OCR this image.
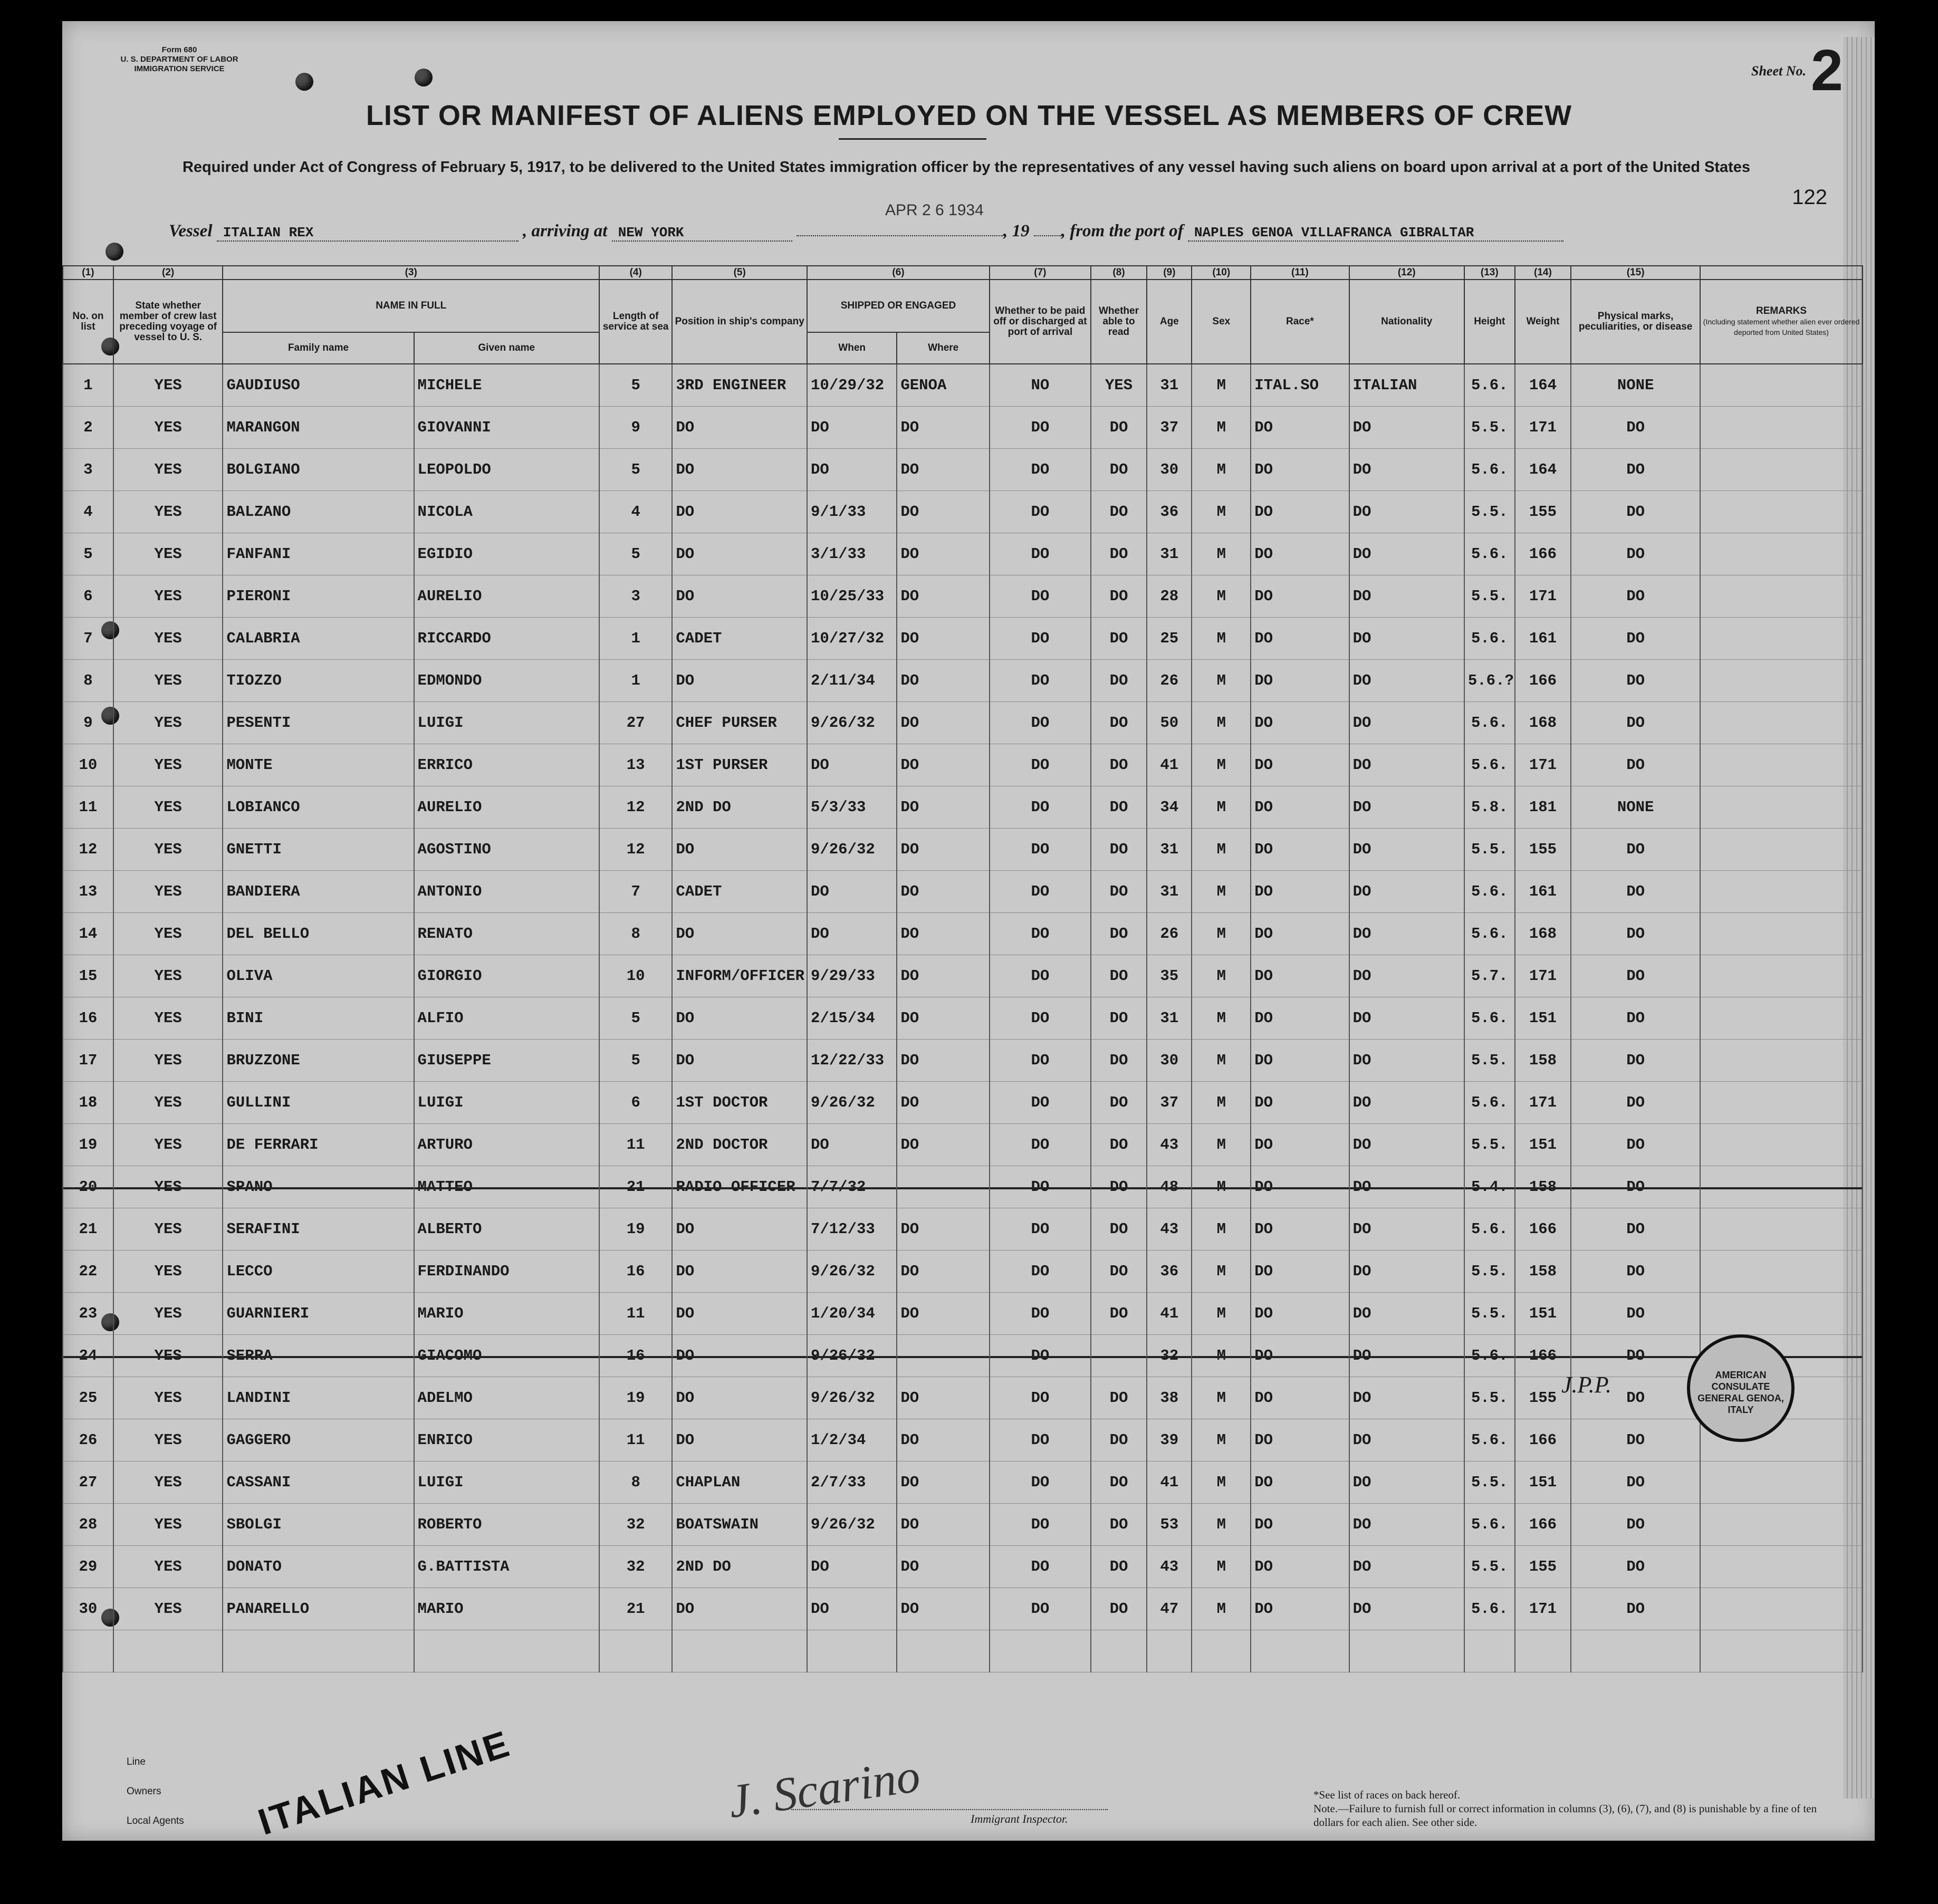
Form 680
U. S. DEPARTMENT OF LABOR
IMMIGRATION SERVICE	Sheet No. 2
LIST OR MANIFEST OF ALIENS EMPLOYED ON THE VESSEL AS MEMBERS OF CREW
Required under Act of Congress of February 5, 1917, to be delivered to the United States immigration officer by the representatives of any vessel having such aliens on board upon arrival at a port of the United States
122
APR 2 6 1934
Vessel ITALIAN REX	, arriving at NEW YORK	, 19 , from the port of NAPLES GENOA VILLAFRANCA GIBRALTAR
(1)	(2)	(3)		(4)	(5)	(6)		(7)	(8)	(9)	(10)	(11)	(12)	(13)	(14)	(15)	
No. on list	State whether member of crew last preceding voyage of vessel to U. S.	NAME IN FULL		Length of service at sea	Position in ship's company	SHIPPED OR ENGAGED		Whether to be paid off or discharged at port of arrival	Whether able to read	Age	Sex	Race*	Nationality	Height	Weight	Physical marks, peculiarities, or disease	REMARKS
(Including statement whether alien ever ordered deported from United States)

		Family name	Given name			When	Where										
1	YES	GAUDIUSO	MICHELE	5	3RD ENGINEER	10/29/32	GENOA	NO	YES	31	M	ITAL.SO	ITALIAN	5.6.	164	NONE	
2	YES	MARANGON	GIOVANNI	9	DO	DO	DO	DO	DO	37	M	DO	DO	5.5.	171	DO	
3	YES	BOLGIANO	LEOPOLDO	5	DO	DO	DO	DO	DO	30	M	DO	DO	5.6.	164	DO	
4	YES	BALZANO	NICOLA	4	DO	9/1/33	DO	DO	DO	36	M	DO	DO	5.5.	155	DO	
5	YES	FANFANI	EGIDIO	5	DO	3/1/33	DO	DO	DO	31	M	DO	DO	5.6.	166	DO	
6	YES	PIERONI	AURELIO	3	DO	10/25/33	DO	DO	DO	28	M	DO	DO	5.5.	171	DO	
7	YES	CALABRIA	RICCARDO	1	CADET	10/27/32	DO	DO	DO	25	M	DO	DO	5.6.	161	DO	
8	YES	TIOZZO	EDMONDO	1	DO	2/11/34	DO	DO	DO	26	M	DO	DO	5.6.?	166	DO	
9	YES	PESENTI	LUIGI	27	CHEF PURSER	9/26/32	DO	DO	DO	50	M	DO	DO	5.6.	168	DO	
10	YES	MONTE	ERRICO	13	1ST PURSER	DO	DO	DO	DO	41	M	DO	DO	5.6.	171	DO	
11	YES	LOBIANCO	AURELIO	12	2ND DO	5/3/33	DO	DO	DO	34	M	DO	DO	5.8.	181	NONE	
12	YES	GNETTI	AGOSTINO	12	DO	9/26/32	DO	DO	DO	31	M	DO	DO	5.5.	155	DO	
13	YES	BANDIERA	ANTONIO	7	CADET	DO	DO	DO	DO	31	M	DO	DO	5.6.	161	DO	
14	YES	DEL BELLO	RENATO	8	DO	DO	DO	DO	DO	26	M	DO	DO	5.6.	168	DO	
15	YES	OLIVA	GIORGIO	10	INFORM/OFFICER	9/29/33	DO	DO	DO	35	M	DO	DO	5.7.	171	DO	
16	YES	BINI	ALFIO	5	DO	2/15/34	DO	DO	DO	31	M	DO	DO	5.6.	151	DO	
17	YES	BRUZZONE	GIUSEPPE	5	DO	12/22/33	DO	DO	DO	30	M	DO	DO	5.5.	158	DO	
18	YES	GULLINI	LUIGI	6	1ST DOCTOR	9/26/32	DO	DO	DO	37	M	DO	DO	5.6.	171	DO	
19	YES	DE FERRARI	ARTURO	11	2ND DOCTOR	DO	DO	DO	DO	43	M	DO	DO	5.5.	151	DO	
20	YES	SPANO	MATTEO	21	RADIO OFFICER	7/7/32		DO	DO	48	M	DO	DO	5.4.	158	DO	
21	YES	SERAFINI	ALBERTO	19	DO	7/12/33	DO	DO	DO	43	M	DO	DO	5.6.	166	DO	
22	YES	LECCO	FERDINANDO	16	DO	9/26/32	DO	DO	DO	36	M	DO	DO	5.5.	158	DO	
23	YES	GUARNIERI	MARIO	11	DO	1/20/34	DO	DO	DO	41	M	DO	DO	5.5.	151	DO	
24	YES	SERRA	GIACOMO	16	DO	9/26/32		DO		32	M	DO	DO	5.6.	166	DO	
25	YES	LANDINI	ADELMO	19	DO	9/26/32	DO	DO	DO	38	M	DO	DO	5.5.	155	DO	
26	YES	GAGGERO	ENRICO	11	DO	1/2/34	DO	DO	DO	39	M	DO	DO	5.6.	166	DO	
27	YES	CASSANI	LUIGI	8	CHAPLAN	2/7/33	DO	DO	DO	41	M	DO	DO	5.5.	151	DO	
28	YES	SBOLGI	ROBERTO	32	BOATSWAIN	9/26/32	DO	DO	DO	53	M	DO	DO	5.6.	166	DO	
29	YES	DONATO	G.BATTISTA	32	2ND DO	DO	DO	DO	DO	43	M	DO	DO	5.5.	155	DO	
30	YES	PANARELLO	MARIO	21	DO	DO	DO	DO	DO	47	M	DO	DO	5.6.	171	DO	

AMERICAN CONSULATE GENERAL GENOA, ITALY
J.P.P.
Line
Owners
Local Agents ITALIAN LINE	J. Scarino	Immigrant Inspector.
*See list of races on back hereof.
Note.—Failure to furnish full or correct information in columns (3), (6), (7), and (8) is punishable by a fine of ten dollars for each alien. See other side.
